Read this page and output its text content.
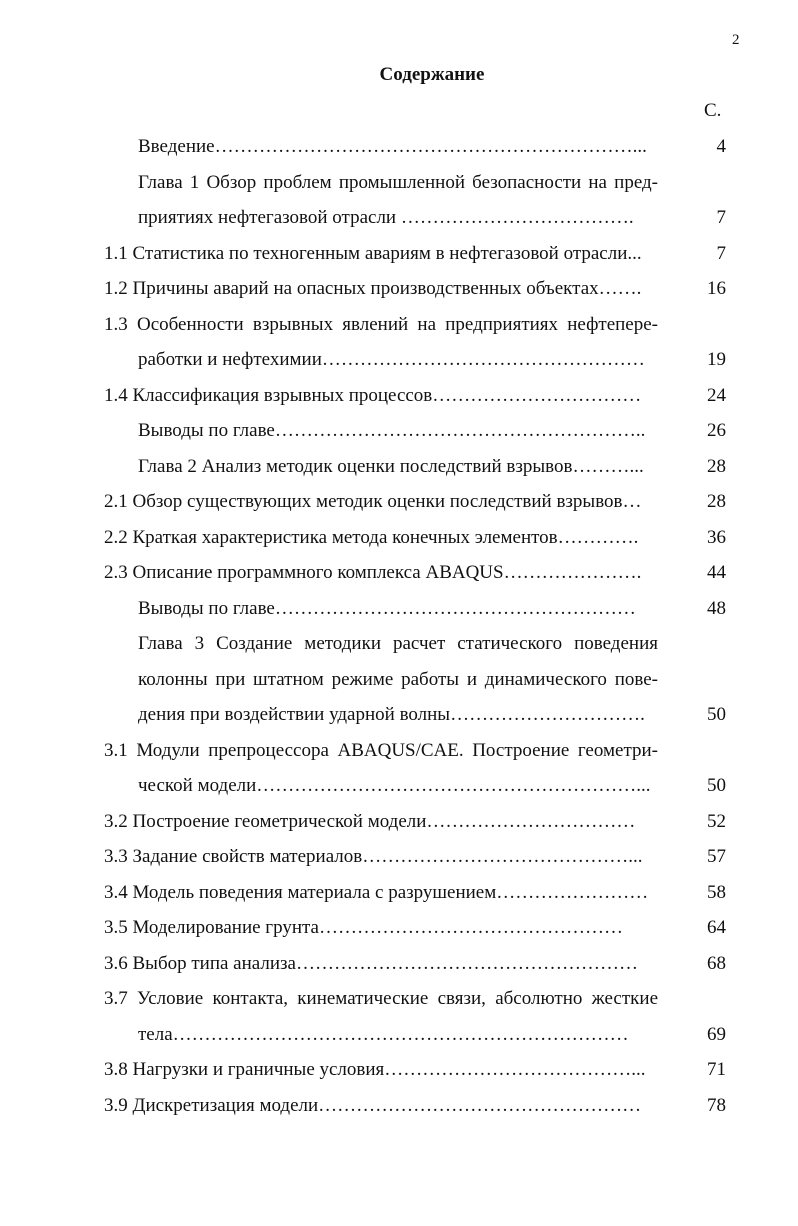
2
Содержание
С.
Введение…………………………………………………………...	4
Глава 1 Обзор проблем промышленной безопасности на пред-
приятиях нефтегазовой отрасли ……………………………….	7
1.1 Статистика по техногенным авариям в нефтегазовой отрасли...	7
1.2 Причины аварий на опасных производственных объектах…….	16
1.3 Особенности взрывных явлений на предприятиях нефтепере-
работки и нефтехимии……………………………………………	19
1.4 Классификация взрывных процессов……………………………	24
Выводы по главе…………………………………………………..	26
Глава 2 Анализ методик оценки последствий взрывов………...	28
2.1 Обзор существующих методик оценки последствий взрывов…	28
2.2 Краткая характеристика метода конечных элементов………….	36
2.3 Описание программного комплекса ABAQUS………………….	44
Выводы по главе…………………………………………………	48
Глава 3 Создание методики расчет статического поведения
колонны при штатном режиме работы и динамического пове-
дения при воздействии ударной волны………………………….	50
3.1 Модули препроцессора ABAQUS/CAE. Построение геометри-
ческой модели……………………………………………………...	50
3.2 Построение геометрической модели……………………………	52
3.3 Задание свойств материалов……………………………………...	57
3.4 Модель поведения материала с разрушением……………………	58
3.5 Моделирование грунта…………………………………………	64
3.6 Выбор типа анализа………………………………………………	68
3.7 Условие контакта, кинематические связи, абсолютно жесткие
тела………………………………………………………………	69
3.8 Нагрузки и граничные условия…………………………………...	71
3.9 Дискретизация модели……………………………………………	78
